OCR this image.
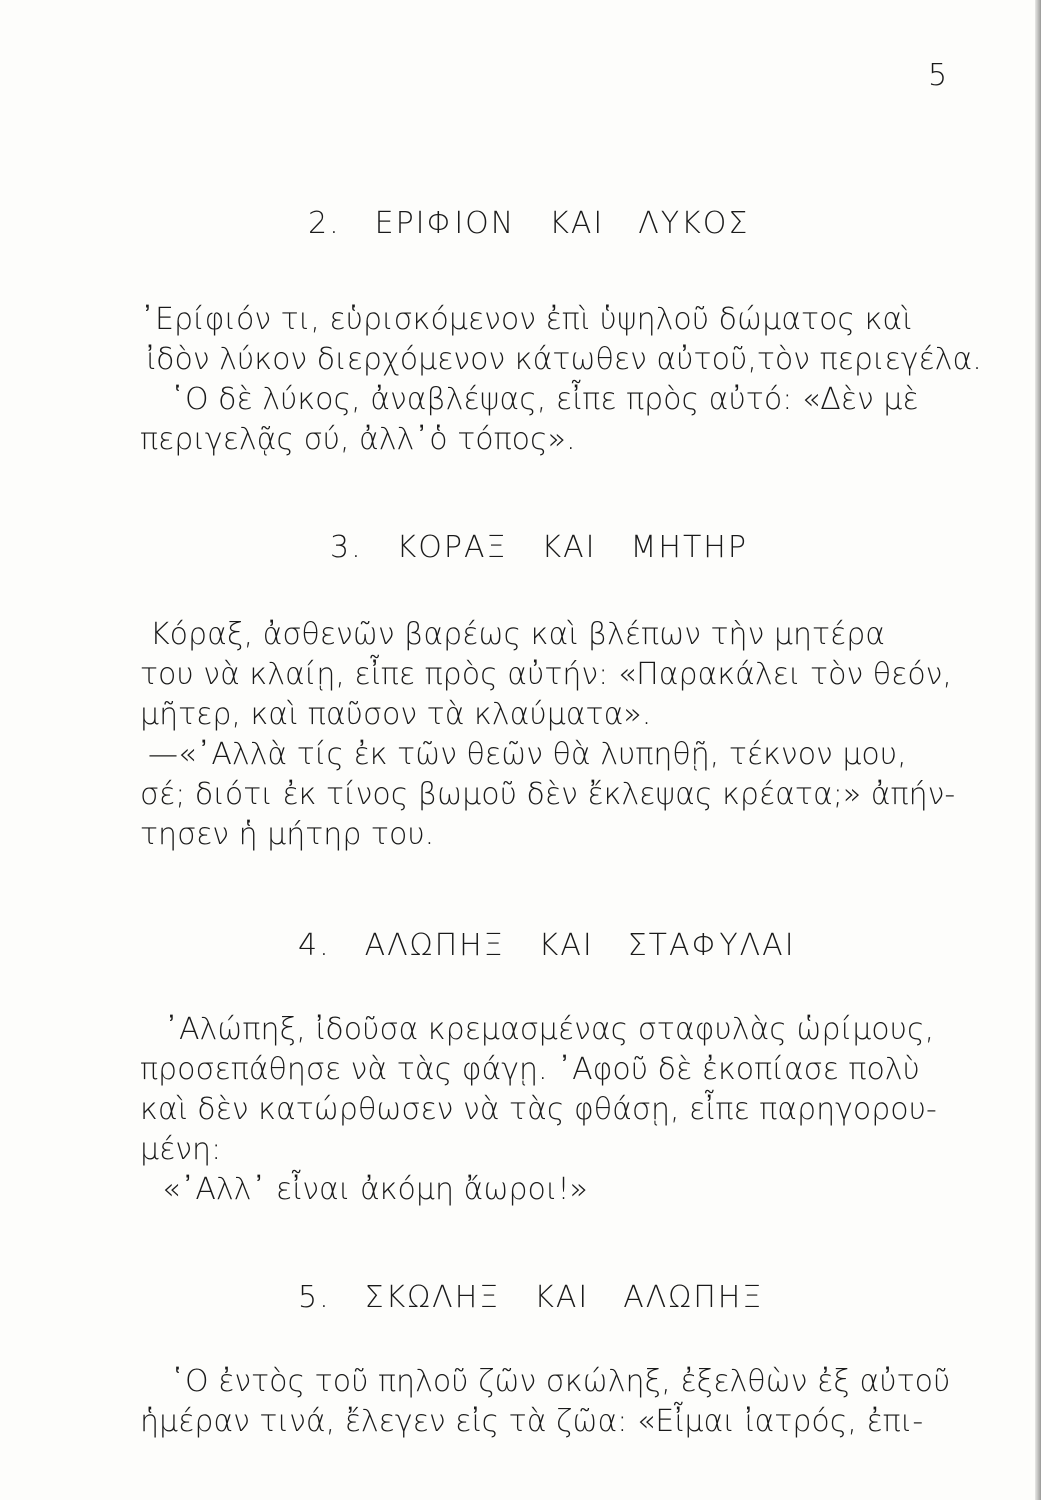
5
2. ΕΡΙΦΙΟΝ ΚΑΙ ΛΥΚΟΣ
᾿Ερίφιόν τι, εὑρισκόμενον ἐπὶ ὑψηλοῦ δώματος καὶ
ἰδὸν λύκον διερχόμενον κάτωθεν αὐτοῦ,τὸν περιεγέλα.
῾Ο δὲ λύκος, ἀναβλέψας, εἶπε πρὸς αὐτό: «Δὲν μὲ
περιγελᾷς σύ, ἀλλ᾿ὁ τόπος».
3. ΚΟΡΑΞ ΚΑΙ ΜΗΤΗΡ
Κόραξ, ἀσθενῶν βαρέως καὶ βλέπων τὴν μητέρα
του νὰ κλαίῃ, εἶπε πρὸς αὐτήν: «Παρακάλει τὸν θεόν,
μῆτερ, καὶ παῦσον τὰ κλαύματα».
—«᾿Αλλὰ τίς ἐκ τῶν θεῶν θὰ λυπηθῇ, τέκνον μου,
σέ; διότι ἐκ τίνος βωμοῦ δὲν ἔκλεψας κρέατα;» ἀπήν-
τησεν ἡ μήτηρ του.
4. ΑΛΩΠΗΞ ΚΑΙ ΣΤΑΦΥΛΑΙ
᾿Αλώπηξ, ἰδοῦσα κρεμασμένας σταφυλὰς ὡρίμους,
προσεπάθησε νὰ τὰς φάγῃ. ᾿Αφοῦ δὲ ἐκοπίασε πολὺ
καὶ δὲν κατώρθωσεν νὰ τὰς φθάσῃ, εἶπε παρηγορου-
μένη:
«᾿Αλλ᾿ εἶναι ἀκόμη ἄωροι!»
5. ΣΚΩΛΗΞ ΚΑΙ ΑΛΩΠΗΞ
῾Ο ἐντὸς τοῦ πηλοῦ ζῶν σκώληξ, ἐξελθὼν ἐξ αὐτοῦ
ἡμέραν τινά, ἔλεγεν εἰς τὰ ζῶα: «Εἶμαι ἰατρός, ἐπι-
